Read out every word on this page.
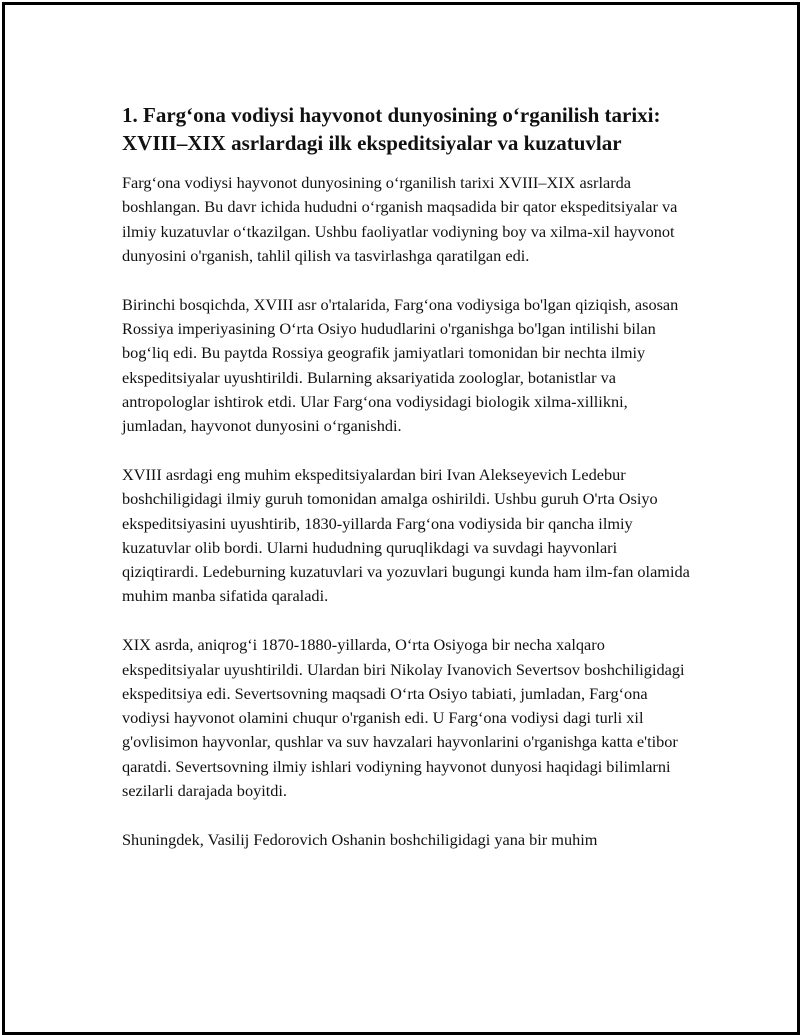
1. Farg‘ona vodiysi hayvonot dunyosining o‘rganilish tarixi: XVIII–XIX asrlardagi ilk ekspeditsiyalar va kuzatuvlar

Farg‘ona vodiysi hayvonot dunyosining o‘rganilish tarixi XVIII–XIX asrlarda boshlangan. Bu davr ichida hududni o‘rganish maqsadida bir qator ekspeditsiyalar va ilmiy kuzatuvlar o‘tkazilgan. Ushbu faoliyatlar vodiyning boy va xilma-xil hayvonot dunyosini o'rganish, tahlil qilish va tasvirlashga qaratilgan edi.

Birinchi bosqichda, XVIII asr o'rtalarida, Farg‘ona vodiysiga bo'lgan qiziqish, asosan Rossiya imperiyasining O‘rta Osiyo hududlarini o'rganishga bo'lgan intilishi bilan bog‘liq edi. Bu paytda Rossiya geografik jamiyatlari tomonidan bir nechta ilmiy ekspeditsiyalar uyushtirildi. Bularning aksariyatida zoologlar, botanistlar va antropologlar ishtirok etdi. Ular Farg‘ona vodiysidagi biologik xilma-xillikni, jumladan, hayvonot dunyosini o‘rganishdi.

XVIII asrdagi eng muhim ekspeditsiyalardan biri Ivan Alekseyevich Ledebur boshchiligidagi ilmiy guruh tomonidan amalga oshirildi. Ushbu guruh O'rta Osiyo ekspeditsiyasini uyushtirib, 1830-yillarda Farg‘ona vodiysida bir qancha ilmiy kuzatuvlar olib bordi. Ularni hududning quruqlikdagi va suvdagi hayvonlari qiziqtirardi. Ledeburning kuzatuvlari va yozuvlari bugungi kunda ham ilm-fan olamida muhim manba sifatida qaraladi.

XIX asrda, aniqrog‘i 1870-1880-yillarda, O‘rta Osiyoga bir necha xalqaro ekspeditsiyalar uyushtirildi. Ulardan biri Nikolay Ivanovich Severtsov boshchiligidagi ekspeditsiya edi. Severtsovning maqsadi O‘rta Osiyo tabiati, jumladan, Farg‘ona vodiysi hayvonot olamini chuqur o'rganish edi. U Farg‘ona vodiysi dagi turli xil g'ovlisimon hayvonlar, qushlar va suv havzalari hayvonlarini o'rganishga katta e'tibor qaratdi. Severtsovning ilmiy ishlari vodiyning hayvonot dunyosi haqidagi bilimlarni sezilarli darajada boyitdi.

Shuningdek, Vasilij Fedorovich Oshanin boshchiligidagi yana bir muhim
